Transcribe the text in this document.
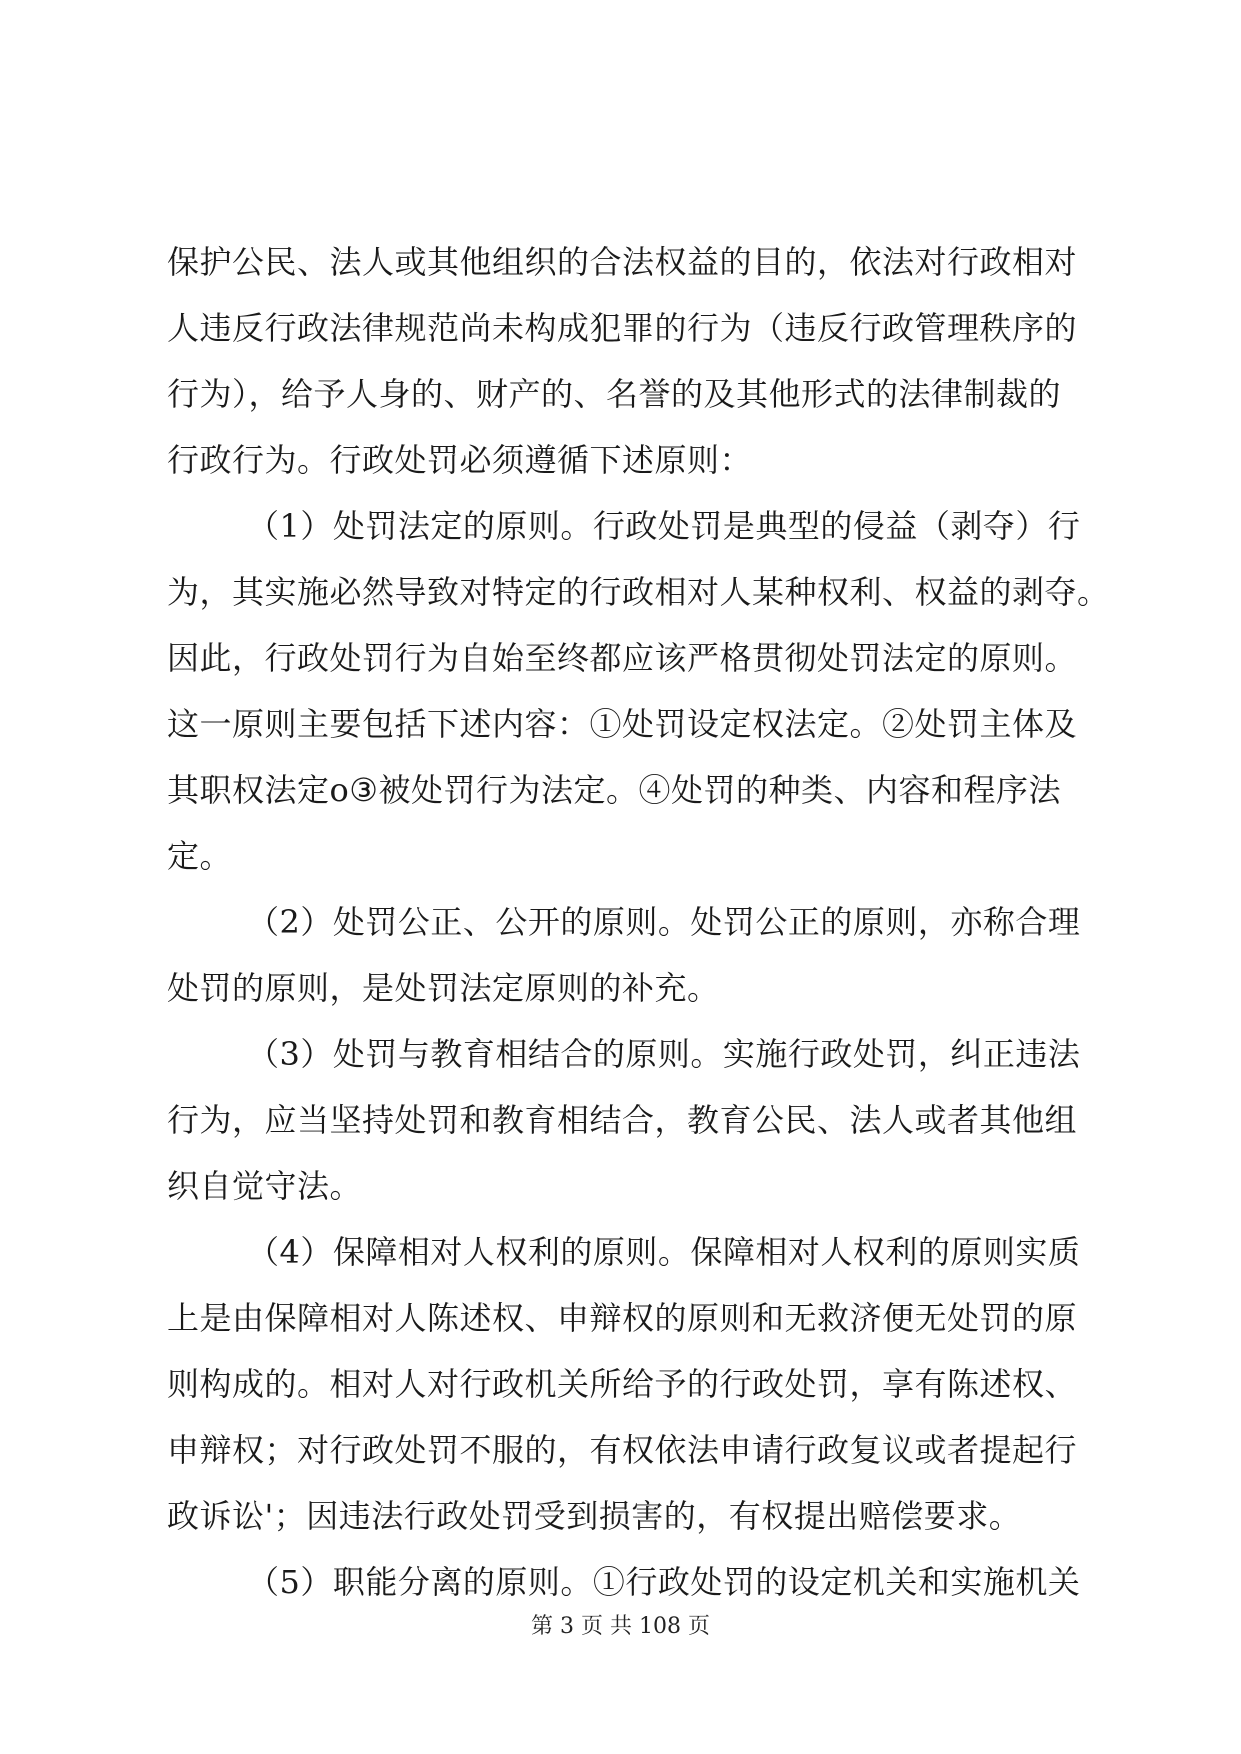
保护公民、法人或其他组织的合法权益的目的，依法对行政相对
人违反行政法律规范尚未构成犯罪的行为（违反行政管理秩序的
行为），给予人身的、财产的、名誉的及其他形式的法律制裁的
行政行为。行政处罚必须遵循下述原则：
（1）处罚法定的原则。行政处罚是典型的侵益（剥夺）行
为，其实施必然导致对特定的行政相对人某种权利、权益的剥夺。
因此，行政处罚行为自始至终都应该严格贯彻处罚法定的原则。
这一原则主要包括下述内容：①处罚设定权法定。②处罚主体及
其职权法定o③被处罚行为法定。④处罚的种类、内容和程序法
定。
（2）处罚公正、公开的原则。处罚公正的原则，亦称合理
处罚的原则，是处罚法定原则的补充。
（3）处罚与教育相结合的原则。实施行政处罚，纠正违法
行为，应当坚持处罚和教育相结合，教育公民、法人或者其他组
织自觉守法。
（4）保障相对人权利的原则。保障相对人权利的原则实质
上是由保障相对人陈述权、申辩权的原则和无救济便无处罚的原
则构成的。相对人对行政机关所给予的行政处罚，享有陈述权、
申辩权；对行政处罚不服的，有权依法申请行政复议或者提起行
政诉讼'；因违法行政处罚受到损害的，有权提出赔偿要求。
（5）职能分离的原则。①行政处罚的设定机关和实施机关
第 3 页 共 108 页
